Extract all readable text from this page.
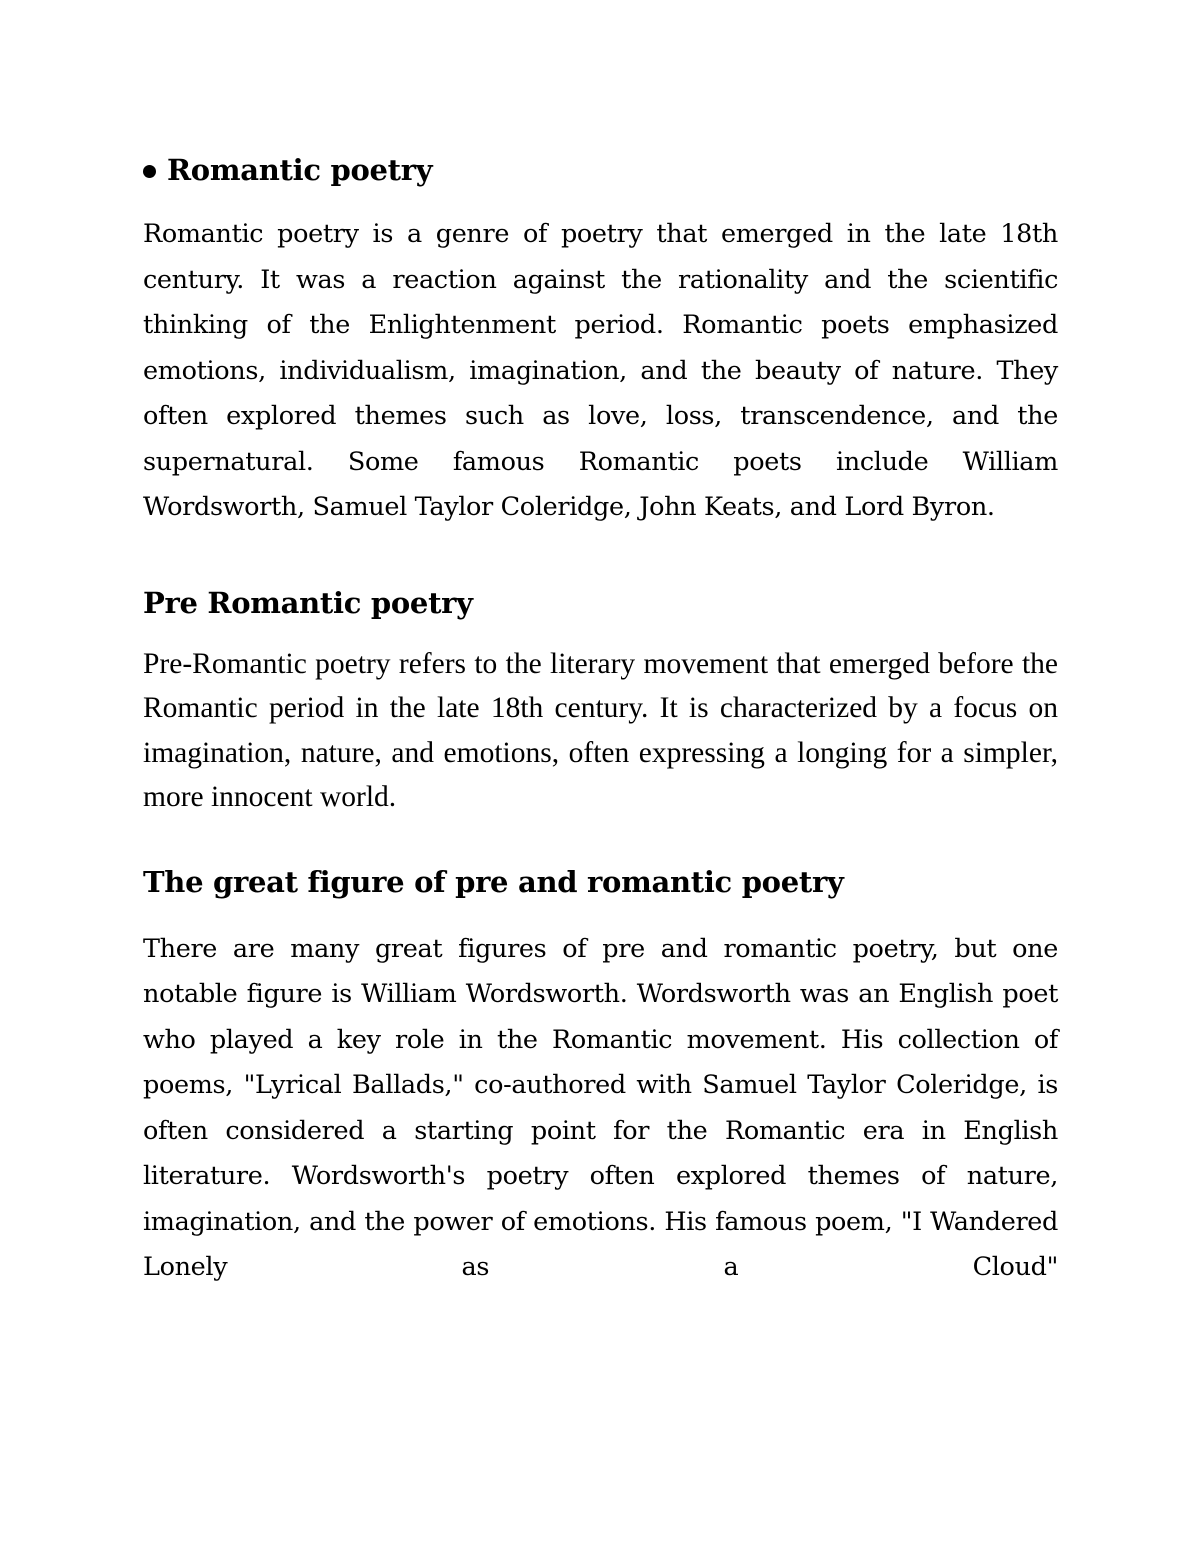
Romantic poetry

Romantic poetry is a genre of poetry that emerged in the late 18th century. It was a reaction against the rationality and the scientific thinking of the Enlightenment period. Romantic poets emphasized emotions, individualism, imagination, and the beauty of nature. They often explored themes such as love, loss, transcendence, and the supernatural. Some famous Romantic poets include William Wordsworth, Samuel Taylor Coleridge, John Keats, and Lord Byron.

Pre Romantic poetry

Pre-Romantic poetry refers to the literary movement that emerged before the Romantic period in the late 18th century. It is characterized by a focus on imagination, nature, and emotions, often expressing a longing for a simpler, more innocent world.

The great figure of pre and romantic poetry

There are many great figures of pre and romantic poetry, but one notable figure is William Wordsworth. Wordsworth was an English poet who played a key role in the Romantic movement. His collection of poems, "Lyrical Ballads," co-authored with Samuel Taylor Coleridge, is often considered a starting point for the Romantic era in English literature. Wordsworth's poetry often explored themes of nature, imagination, and the power of emotions. His famous poem, "I Wandered Lonely as a Cloud"
